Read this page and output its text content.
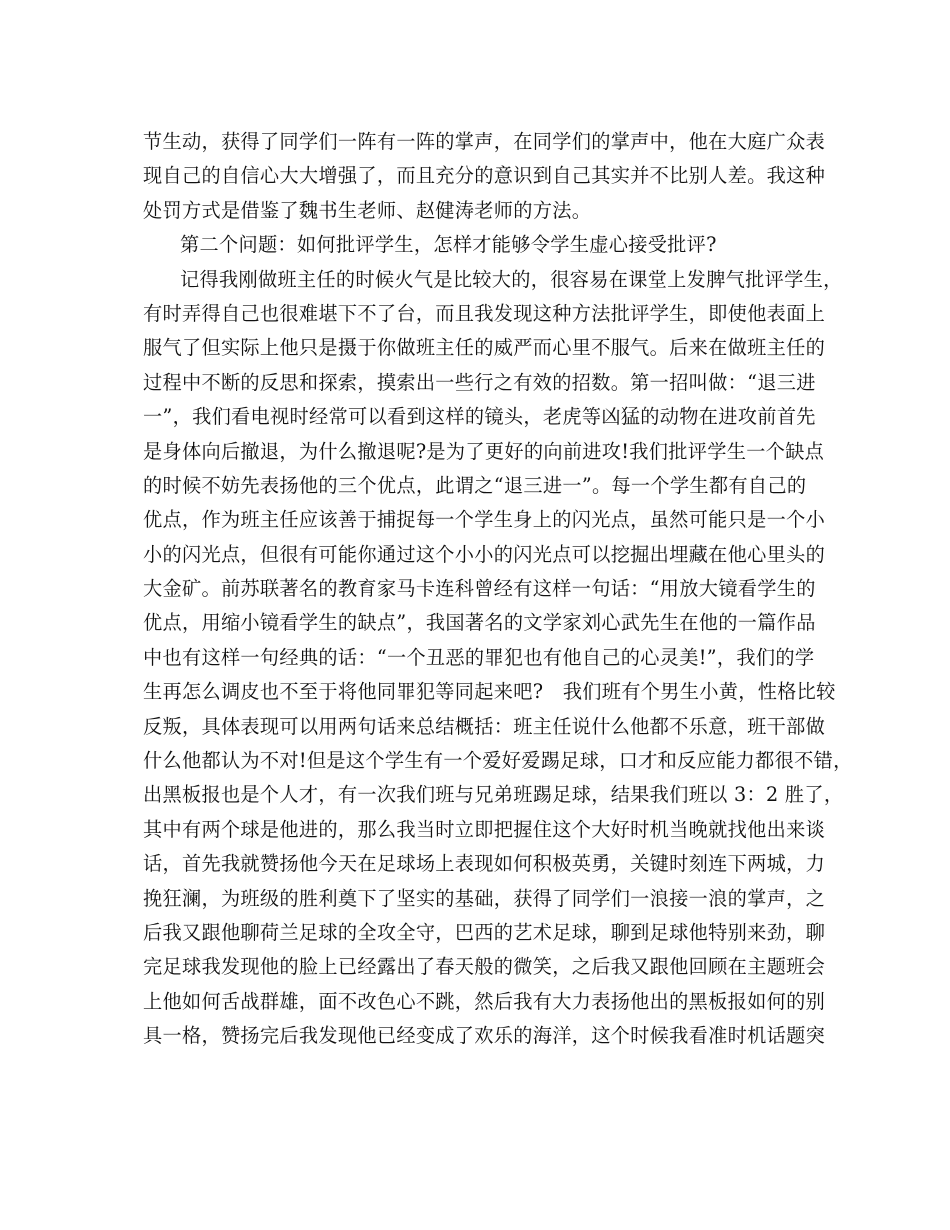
节生动，获得了同学们一阵有一阵的掌声，在同学们的掌声中，他在大庭广众表
现自己的自信心大大增强了，而且充分的意识到自己其实并不比别人差。我这种
处罚方式是借鉴了魏书生老师、赵健涛老师的方法。
第二个问题：如何批评学生，怎样才能够令学生虚心接受批评?
记得我刚做班主任的时候火气是比较大的，很容易在课堂上发脾气批评学生，
有时弄得自己也很难堪下不了台，而且我发现这种方法批评学生，即使他表面上
服气了但实际上他只是摄于你做班主任的威严而心里不服气。后来在做班主任的
过程中不断的反思和探索，摸索出一些行之有效的招数。第一招叫做：“退三进
一”，我们看电视时经常可以看到这样的镜头，老虎等凶猛的动物在进攻前首先
是身体向后撤退，为什么撤退呢?是为了更好的向前进攻!我们批评学生一个缺点
的时候不妨先表扬他的三个优点，此谓之“退三进一”。每一个学生都有自己的
优点，作为班主任应该善于捕捉每一个学生身上的闪光点，虽然可能只是一个小
小的闪光点，但很有可能你通过这个小小的闪光点可以挖掘出埋藏在他心里头的
大金矿。前苏联著名的教育家马卡连科曾经有这样一句话：“用放大镜看学生的
优点，用缩小镜看学生的缺点”，我国著名的文学家刘心武先生在他的一篇作品
中也有这样一句经典的话：“一个丑恶的罪犯也有他自己的心灵美!”，我们的学
生再怎么调皮也不至于将他同罪犯等同起来吧?　我们班有个男生小黄，性格比较
反叛，具体表现可以用两句话来总结概括：班主任说什么他都不乐意，班干部做
什么他都认为不对!但是这个学生有一个爱好爱踢足球，口才和反应能力都很不错，
出黑板报也是个人才，有一次我们班与兄弟班踢足球，结果我们班以 3：2 胜了，
其中有两个球是他进的，那么我当时立即把握住这个大好时机当晚就找他出来谈
话，首先我就赞扬他今天在足球场上表现如何积极英勇，关键时刻连下两城，力
挽狂澜，为班级的胜利奠下了坚实的基础，获得了同学们一浪接一浪的掌声，之
后我又跟他聊荷兰足球的全攻全守，巴西的艺术足球，聊到足球他特别来劲，聊
完足球我发现他的脸上已经露出了春天般的微笑，之后我又跟他回顾在主题班会
上他如何舌战群雄，面不改色心不跳，然后我有大力表扬他出的黑板报如何的别
具一格，赞扬完后我发现他已经变成了欢乐的海洋，这个时候我看准时机话题突
